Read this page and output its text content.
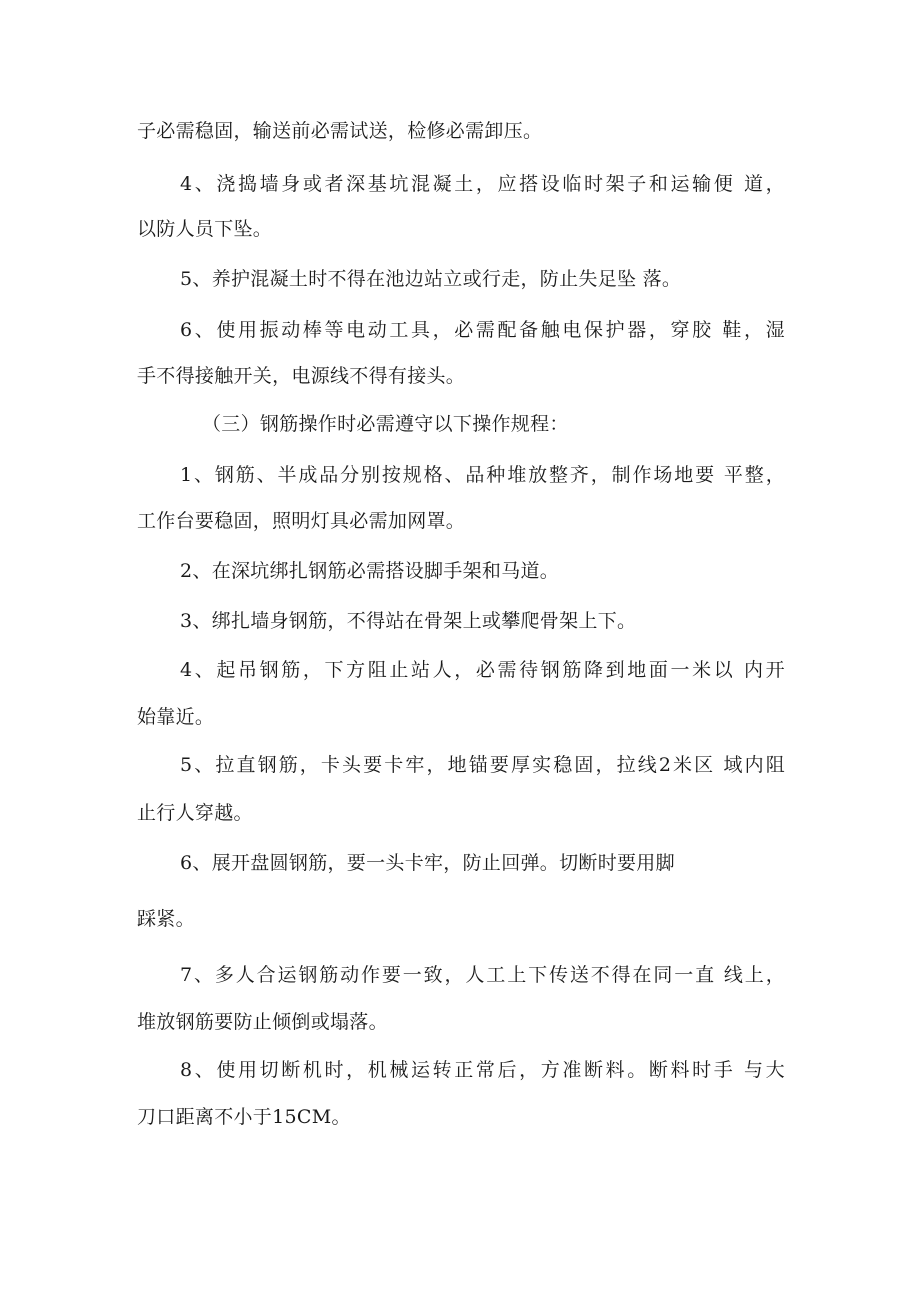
子必需稳固，输送前必需试送，检修必需卸压。
4、浇捣墙身或者深基坑混凝土，应搭设临时架子和运输便 道，
以防人员下坠。
5、养护混凝土时不得在池边站立或行走，防止失足坠 落。
6、使用振动棒等电动工具，必需配备触电保护器，穿胶 鞋，湿
手不得接触开关，电源线不得有接头。
（三）钢筋操作时必需遵守以下操作规程：
1、钢筋、半成品分别按规格、品种堆放整齐，制作场地要 平整，
工作台要稳固，照明灯具必需加网罩。
2、在深坑绑扎钢筋必需搭设脚手架和马道。
3、绑扎墙身钢筋，不得站在骨架上或攀爬骨架上下。
4、起吊钢筋，下方阻止站人，必需待钢筋降到地面一米以 内开
始靠近。
5、拉直钢筋，卡头要卡牢，地锚要厚实稳固，拉线2米区 域内阻
止行人穿越。
6、展开盘圆钢筋，要一头卡牢，防止回弹。切断时要用脚
踩紧。
7、多人合运钢筋动作要一致，人工上下传送不得在同一直 线上，
堆放钢筋要防止倾倒或塌落。
8、使用切断机时，机械运转正常后，方准断料。断料时手 与大
刀口距离不小于15CM。
